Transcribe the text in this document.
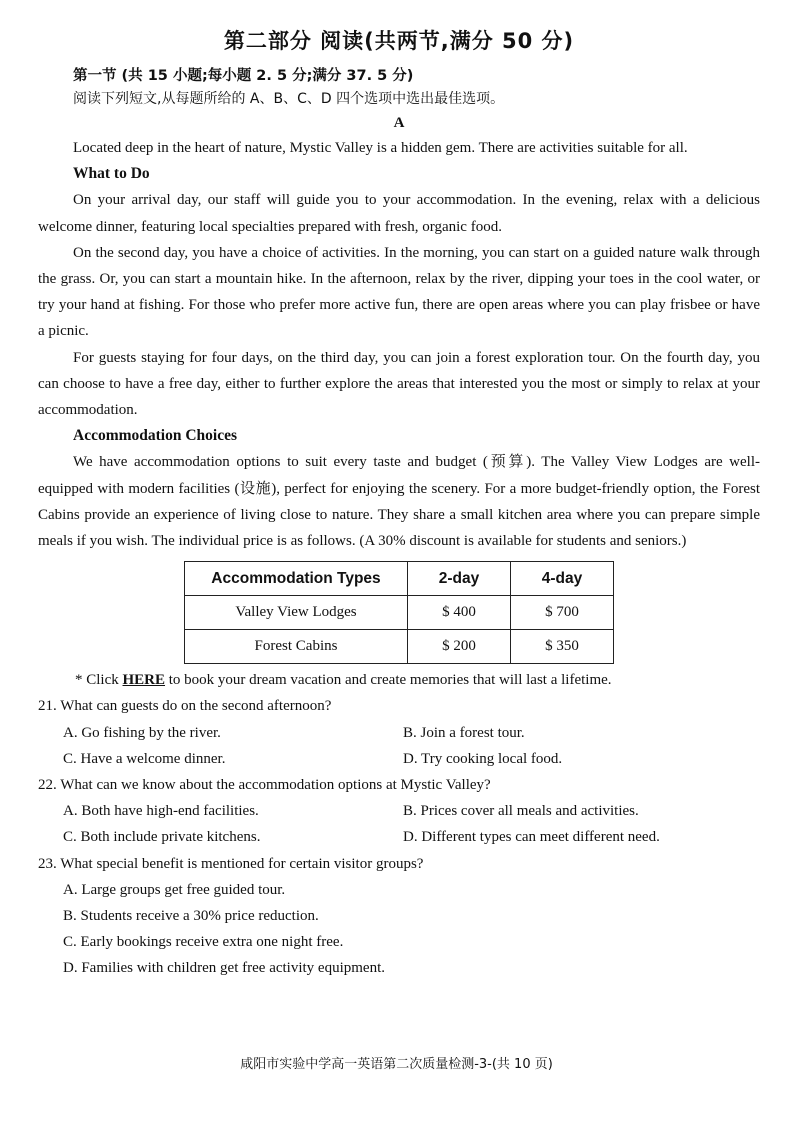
第二部分 阅读(共两节,满分 50 分)
第一节 (共 15 小题;每小题 2. 5 分;满分 37. 5 分)
阅读下列短文,从每题所给的 A、B、C、D 四个选项中选出最佳选项。
A

Located deep in the heart of nature, Mystic Valley is a hidden gem. There are activities suitable for all.

What to Do

On your arrival day, our staff will guide you to your accommodation. In the evening, relax with a delicious welcome dinner, featuring local specialties prepared with fresh, organic food.

On the second day, you have a choice of activities. In the morning, you can start on a guided nature walk through the grass. Or, you can start a mountain hike. In the afternoon, relax by the river, dipping your toes in the cool water, or try your hand at fishing. For those who prefer more active fun, there are open areas where you can play frisbee or have a picnic.

For guests staying for four days, on the third day, you can join a forest exploration tour. On the fourth day, you can choose to have a free day, either to further explore the areas that interested you the most or simply to relax at your accommodation.

Accommodation Choices

We have accommodation options to suit every taste and budget (预算). The Valley View Lodges are well-equipped with modern facilities (设施), perfect for enjoying the scenery. For a more budget-friendly option, the Forest Cabins provide an experience of living close to nature. They share a small kitchen area where you can prepare simple meals if you wish. The individual price is as follows. (A 30% discount is available for students and seniors.)

Accommodation Types	2-day	4-day
Valley View Lodges	$ 400	$ 700
Forest Cabins	$ 200	$ 350
* Click HERE to book your dream vacation and create memories that will last a lifetime.

21. What can guests do on the second afternoon?

A. Go fishing by the river.	B. Join a forest tour.
C. Have a welcome dinner.	D. Try cooking local food.

22. What can we know about the accommodation options at Mystic Valley?

A. Both have high-end facilities.	B. Prices cover all meals and activities.
C. Both include private kitchens.	D. Different types can meet different need.

23. What special benefit is mentioned for certain visitor groups?

A. Large groups get free guided tour.
B. Students receive a 30% price reduction.
C. Early bookings receive extra one night free.
D. Families with children get free activity equipment.
咸阳市实验中学高一英语第二次质量检测-3-(共 10 页)
